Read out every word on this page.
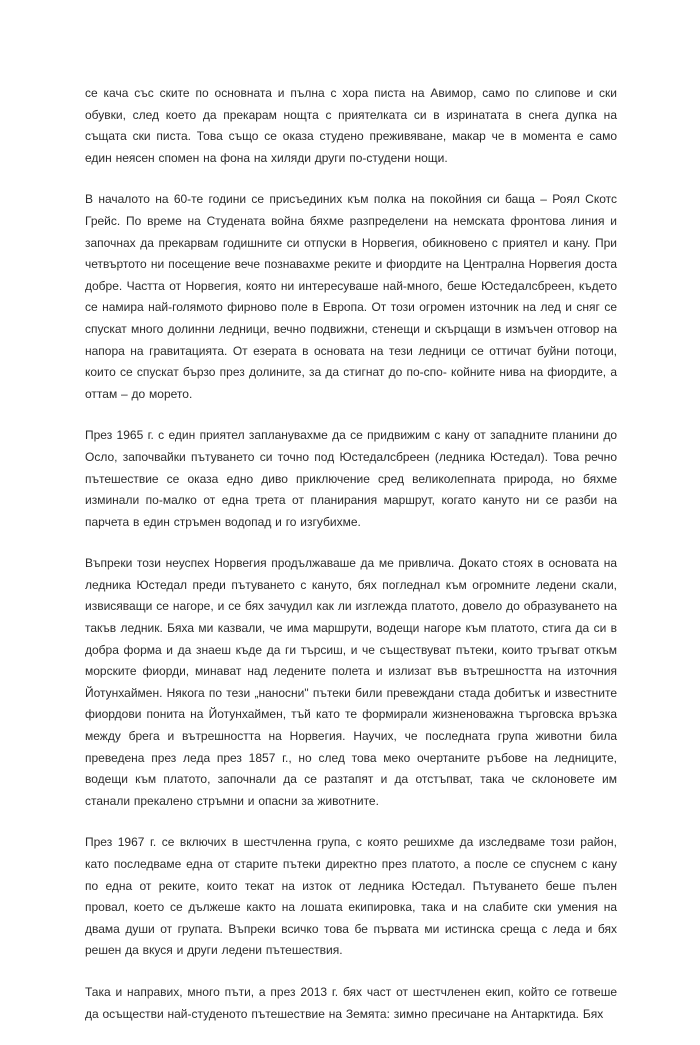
се кача със ските по основната и пълна с хора писта на Авимор, само по слипове и ски обувки, след което да прекарам нощта с приятелката си в изринатата в снега дупка на същата ски писта. Това също се оказа студено преживяване, макар че в момента е само един неясен спомен на фона на хиляди други по-студени нощи.

В началото на 60-те години се присъединих към полка на покойния си баща – Роял Скотс Грейс. По време на Студената война бяхме разпределени на немската фронтова линия и започнах да прекарвам годишните си отпуски в Норвегия, обикновено с приятел и кану. При четвъртото ни посещение вече познавахме реките и фиордите на Централна Норвегия доста добре. Частта от Норвегия, която ни интересуваше най-много, беше Юстедалсбреен, където се намира най-голямото фирново поле в Европа. От този огромен източник на лед и сняг се спускат много долинни ледници, вечно подвижни, стенещи и скърцащи в измъчен отговор на напора на гравитацията. От езерата в основата на тези ледници се оттичат буйни потоци, които се спускат бързо през долините, за да стигнат до по-спо- койните нива на фиордите, а оттам – до морето.

През 1965 г. с един приятел запланувахме да се придвижим с кану от западните планини до Осло, започвайки пътуването си точно под Юстедалсбреен (ледника Юстедал). Това речно пътешествие се оказа едно диво приключение сред великолепната природа, но бяхме изминали по-малко от една трета от планирания маршрут, когато кануто ни се разби на парчета в един стръмен водопад и го изгубихме.

Въпреки този неуспех Норвегия продължаваше да ме привлича. Докато стоях в основата на ледника Юстедал преди пътуването с кануто, бях погледнал към огромните ледени скали, извисяващи се нагоре, и се бях зачудил как ли изглежда платото, довело до образуването на такъв ледник. Бяха ми казвали, че има маршрути, водещи нагоре към платото, стига да си в добра форма и да знаеш къде да ги търсиш, и че съществуват пътеки, които тръгват откъм морските фиорди, минават над ледените полета и излизат във вътрешността на източния Йотунхаймен. Някога по тези „наносни" пътеки били превеждани стада добитък и известните фиордови понита на Йотунхаймен, тъй като те формирали жизненоважна търговска връзка между брега и вътрешността на Норвегия. Научих, че последната група животни била преведена през леда през 1857 г., но след това меко очертаните ръбове на ледниците, водещи към платото, започнали да се разтапят и да отстъпват, така че склоновете им станали прекалено стръмни и опасни за животните.

През 1967 г. се включих в шестчленна група, с която решихме да изследваме този район, като последваме една от старите пътеки директно през платото, а после се спуснем с кану по една от реките, които текат на изток от ледника Юстедал. Пътуването беше пълен провал, което се дължеше както на лошата екипировка, така и на слабите ски умения на двама души от групата. Въпреки всичко това бе първата ми истинска среща с леда и бях решен да вкуся и други ледени пътешествия.

Така и направих, много пъти, а през 2013 г. бях част от шестчленен екип, който се готвеше да осъществи най-студеното пътешествие на Земята: зимно пресичане на Антарктида. Бях
